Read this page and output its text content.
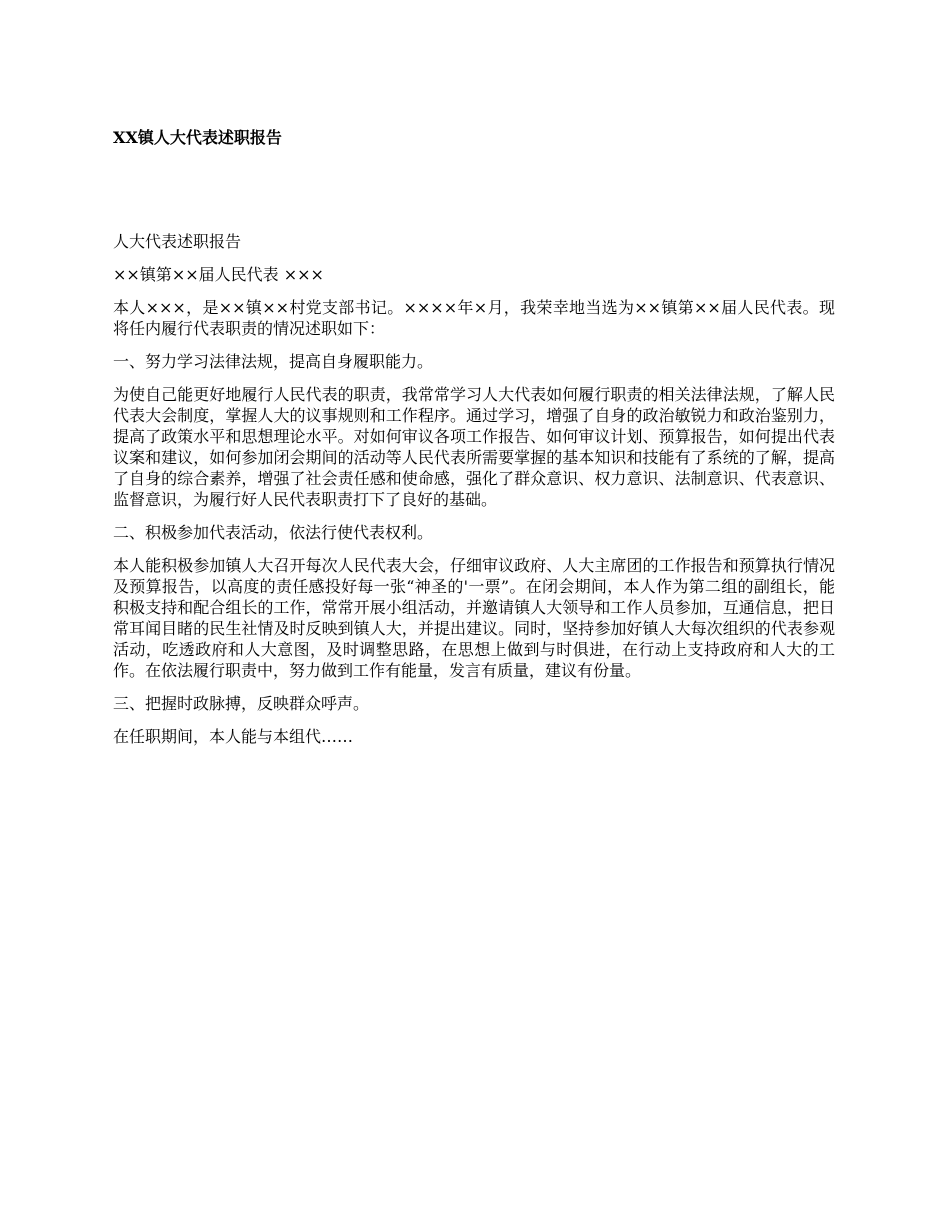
XX镇人大代表述职报告

人大代表述职报告

××镇第××届人民代表 ×××

本人×××，是××镇××村党支部书记。××××年×月，我荣幸地当选为××镇第××届人民代表。现将任内履行代表职责的情况述职如下：

一、努力学习法律法规，提高自身履职能力。

为使自己能更好地履行人民代表的职责，我常常学习人大代表如何履行职责的相关法律法规，了解人民代表大会制度，掌握人大的议事规则和工作程序。通过学习，增强了自身的政治敏锐力和政治鉴别力，提高了政策水平和思想理论水平。对如何审议各项工作报告、如何审议计划、预算报告，如何提出代表议案和建议，如何参加闭会期间的活动等人民代表所需要掌握的基本知识和技能有了系统的了解，提高了自身的综合素养，增强了社会责任感和使命感，强化了群众意识、权力意识、法制意识、代表意识、监督意识，为履行好人民代表职责打下了良好的基础。

二、积极参加代表活动，依法行使代表权利。

本人能积极参加镇人大召开每次人民代表大会，仔细审议政府、人大主席团的工作报告和预算执行情况及预算报告，以高度的责任感投好每一张“神圣的'一票”。在闭会期间，本人作为第二组的副组长，能积极支持和配合组长的工作，常常开展小组活动，并邀请镇人大领导和工作人员参加，互通信息，把日常耳闻目睹的民生社情及时反映到镇人大，并提出建议。同时，坚持参加好镇人大每次组织的代表参观活动，吃透政府和人大意图，及时调整思路，在思想上做到与时俱进，在行动上支持政府和人大的工作。在依法履行职责中，努力做到工作有能量，发言有质量，建议有份量。

三、把握时政脉搏，反映群众呼声。

在任职期间，本人能与本组代……
